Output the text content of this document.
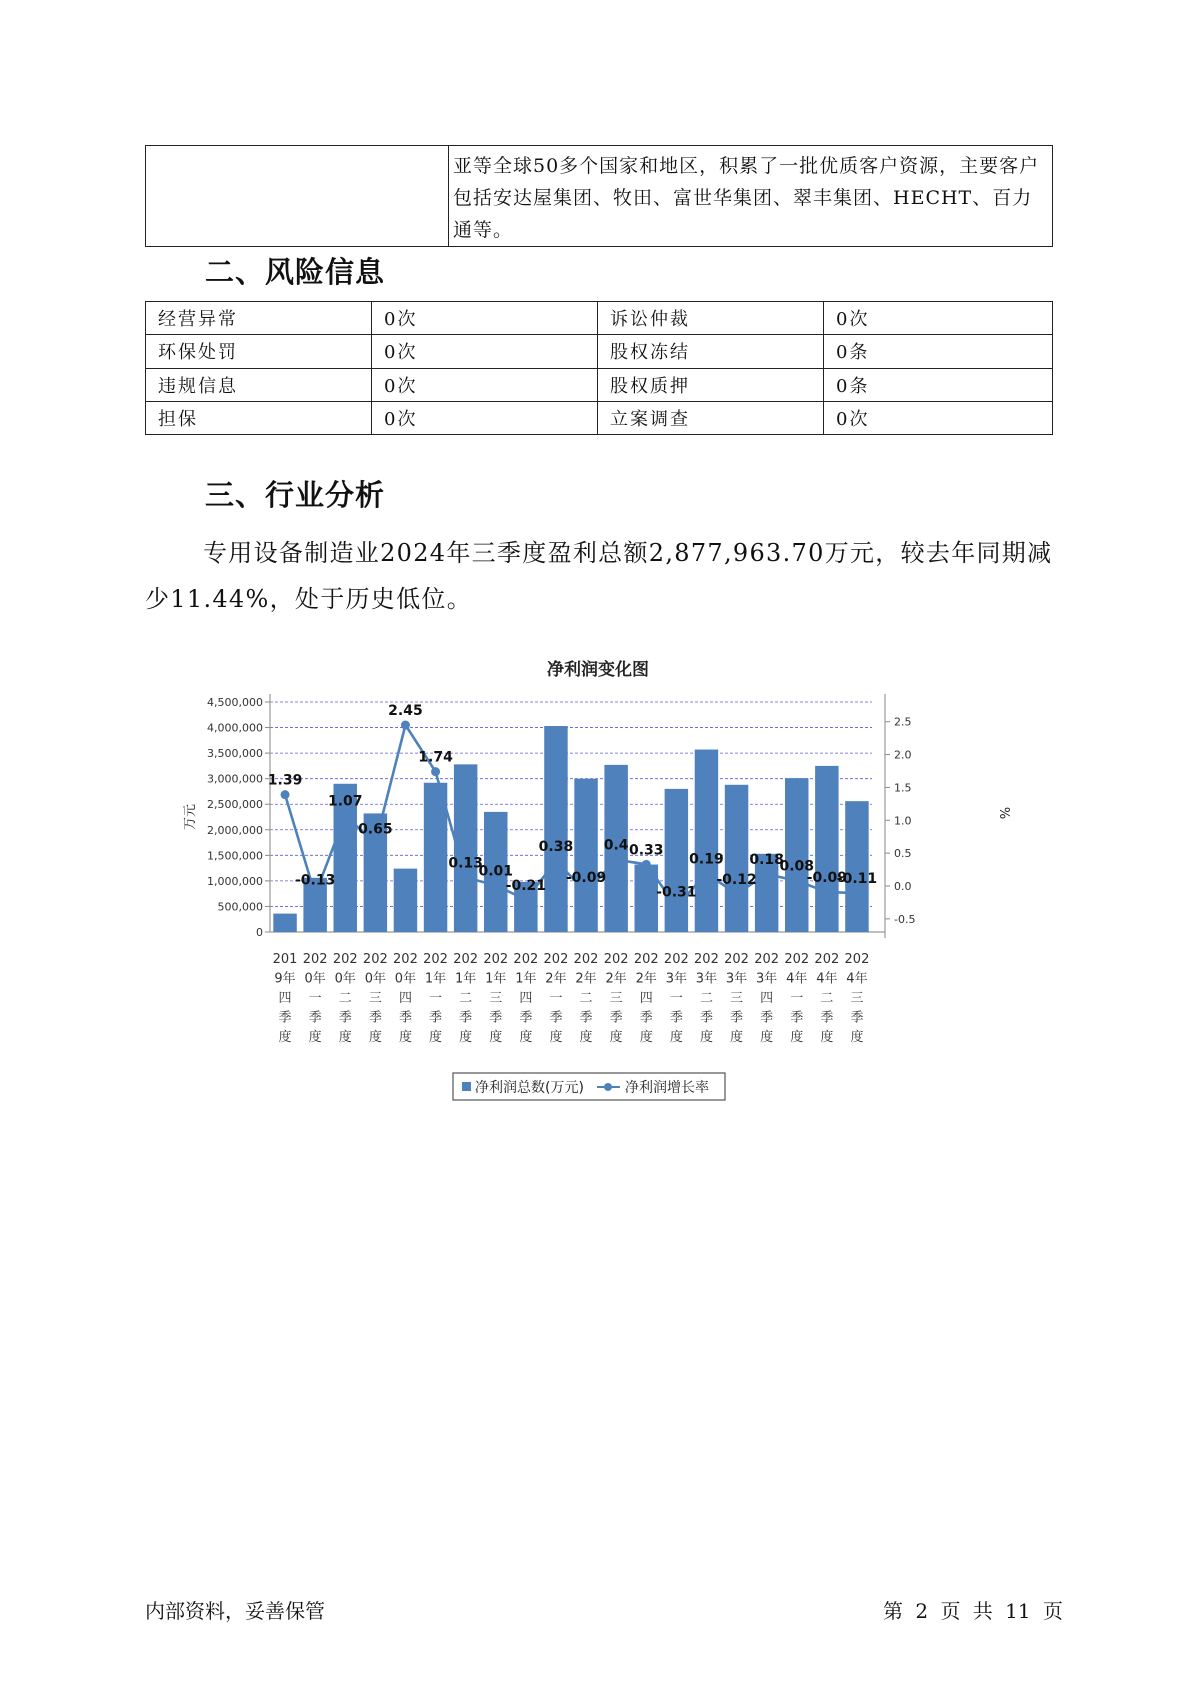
	亚等全球50多个国家和地区，积累了一批优质客户资源，主要客户包括安达屋集团、牧田、富世华集团、翠丰集团、HECHT、百力通等。
二、风险信息
经营异常	0次	诉讼仲裁	0次
环保处罚	0次	股权冻结	0条
违规信息	0次	股权质押	0条
担保	0次	立案调查	0次
三、行业分析

专用设备制造业2024年三季度盈利总额2,877,963.70万元，较去年同期减少11.44%，处于历史低位。

净利润变化图
万元	%
0
500,000
1,000,000
1,500,000
2,000,000
2,500,000
3,000,000
3,500,000
4,000,000
4,500,000
-0.5
0.0
0.5
1.0
1.5
2.0
2.5
1.39
-0.13
1.07
0.65
2.45
1.74
0.13
0.01
-0.21
0.38
-0.09
0.4 0.33
-0.31
0.19
-0.12
0.18
0.08
-0.09
-0.11
201
9年
四
季
度
202
0年
一
季
度
202
0年
二
季
度
202
0年
三
季
度
202
0年
四
季
度
202
1年
一
季
度
202
1年
二
季
度
202
1年
三
季
度
202
1年
四
季
度
202
2年
一
季
度
202
2年
二
季
度
202
2年
三
季
度
202
2年
四
季
度
202
3年
一
季
度
202
3年
二
季
度
202
3年
三
季
度
202
3年
四
季
度
202
4年
一
季
度
202
4年
二
季
度
202
4年
三
季
度
净利润总数(万元)	净利润增长率
内部资料，妥善保管	第 2 页 共 11 页
